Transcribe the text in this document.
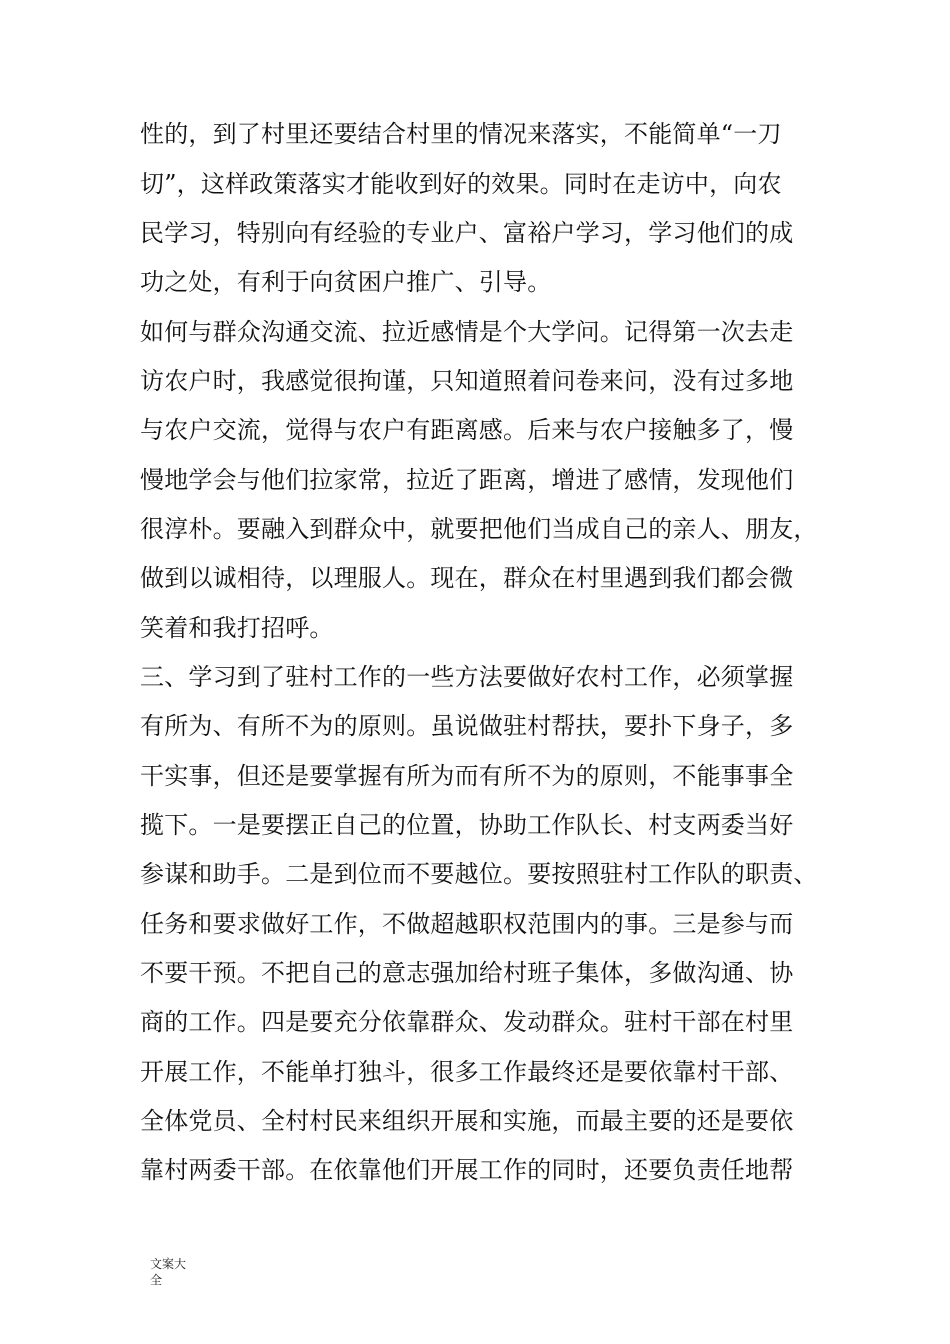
性的，到了村里还要结合村里的情况来落实，不能简单“一刀
切”，这样政策落实才能收到好的效果。同时在走访中，向农
民学习，特别向有经验的专业户、富裕户学习，学习他们的成
功之处，有利于向贫困户推广、引导。
如何与群众沟通交流、拉近感情是个大学问。记得第一次去走
访农户时，我感觉很拘谨，只知道照着问卷来问，没有过多地
与农户交流，觉得与农户有距离感。后来与农户接触多了，慢
慢地学会与他们拉家常，拉近了距离，增进了感情，发现他们
很淳朴。要融入到群众中，就要把他们当成自己的亲人、朋友，
做到以诚相待，以理服人。现在，群众在村里遇到我们都会微
笑着和我打招呼。
三、学习到了驻村工作的一些方法要做好农村工作，必须掌握
有所为、有所不为的原则。虽说做驻村帮扶，要扑下身子，多
干实事，但还是要掌握有所为而有所不为的原则，不能事事全
揽下。一是要摆正自己的位置，协助工作队长、村支两委当好
参谋和助手。二是到位而不要越位。要按照驻村工作队的职责、
任务和要求做好工作，不做超越职权范围内的事。三是参与而
不要干预。不把自己的意志强加给村班子集体，多做沟通、协
商的工作。四是要充分依靠群众、发动群众。驻村干部在村里
开展工作，不能单打独斗，很多工作最终还是要依靠村干部、
全体党员、全村村民来组织开展和实施，而最主要的还是要依
靠村两委干部。在依靠他们开展工作的同时，还要负责任地帮
文案大
全
